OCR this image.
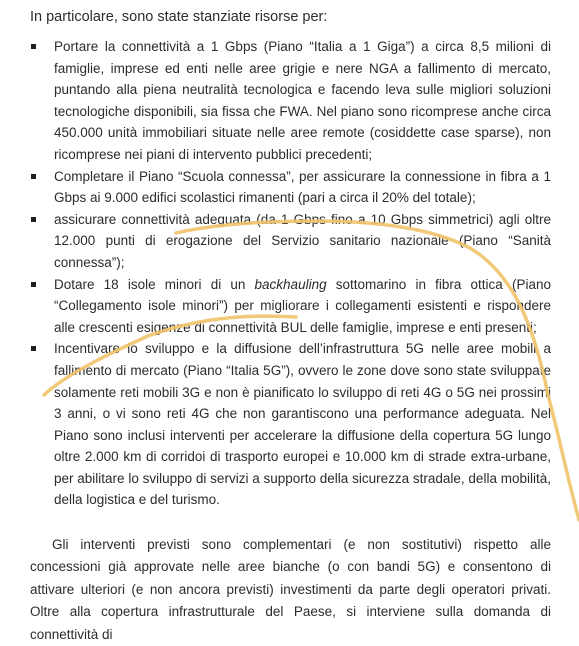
In particolare, sono state stanziate risorse per:

Portare la connettività a 1 Gbps (Piano “Italia a 1 Giga”) a circa 8,5 milioni di famiglie, imprese ed enti nelle aree grigie e nere NGA a fallimento di mercato, puntando alla piena neutralità tecnologica e facendo leva sulle migliori soluzioni tecnologiche disponibili, sia fissa che FWA. Nel piano sono ricomprese anche circa 450.000 unità immobiliari situate nelle aree remote (cosiddette case sparse), non ricomprese nei piani di intervento pubblici precedenti;
Completare il Piano “Scuola connessa”, per assicurare la connessione in fibra a 1 Gbps ai 9.000 edifici scolastici rimanenti (pari a circa il 20% del totale);
assicurare connettività adeguata (da 1 Gbps fino a 10 Gbps simmetrici) agli oltre 12.000 punti di erogazione del Servizio sanitario nazionale (Piano “Sanità connessa”);
Dotare 18 isole minori di un backhauling sottomarino in fibra ottica (Piano “Collegamento isole minori”) per migliorare i collegamenti esistenti e rispondere alle crescenti esigenze di connettività BUL delle famiglie, imprese e enti presenti;
Incentivare lo sviluppo e la diffusione dell’infrastruttura 5G nelle aree mobili a fallimento di mercato (Piano “Italia 5G”), ovvero le zone dove sono state sviluppate solamente reti mobili 3G e non è pianificato lo sviluppo di reti 4G o 5G nei prossimi 3 anni, o vi sono reti 4G che non garantiscono una performance adeguata. Nel Piano sono inclusi interventi per accelerare la diffusione della copertura 5G lungo oltre 2.000 km di corridoi di trasporto europei e 10.000 km di strade extra-urbane, per abilitare lo sviluppo di servizi a supporto della sicurezza stradale, della mobilità, della logistica e del turismo.

Gli interventi previsti sono complementari (e non sostitutivi) rispetto alle concessioni già approvate nelle aree bianche (o con bandi 5G) e consentono di attivare ulteriori (e non ancora previsti) investimenti da parte degli operatori privati. Oltre alla copertura infrastrutturale del Paese, si interviene sulla domanda di connettività di
